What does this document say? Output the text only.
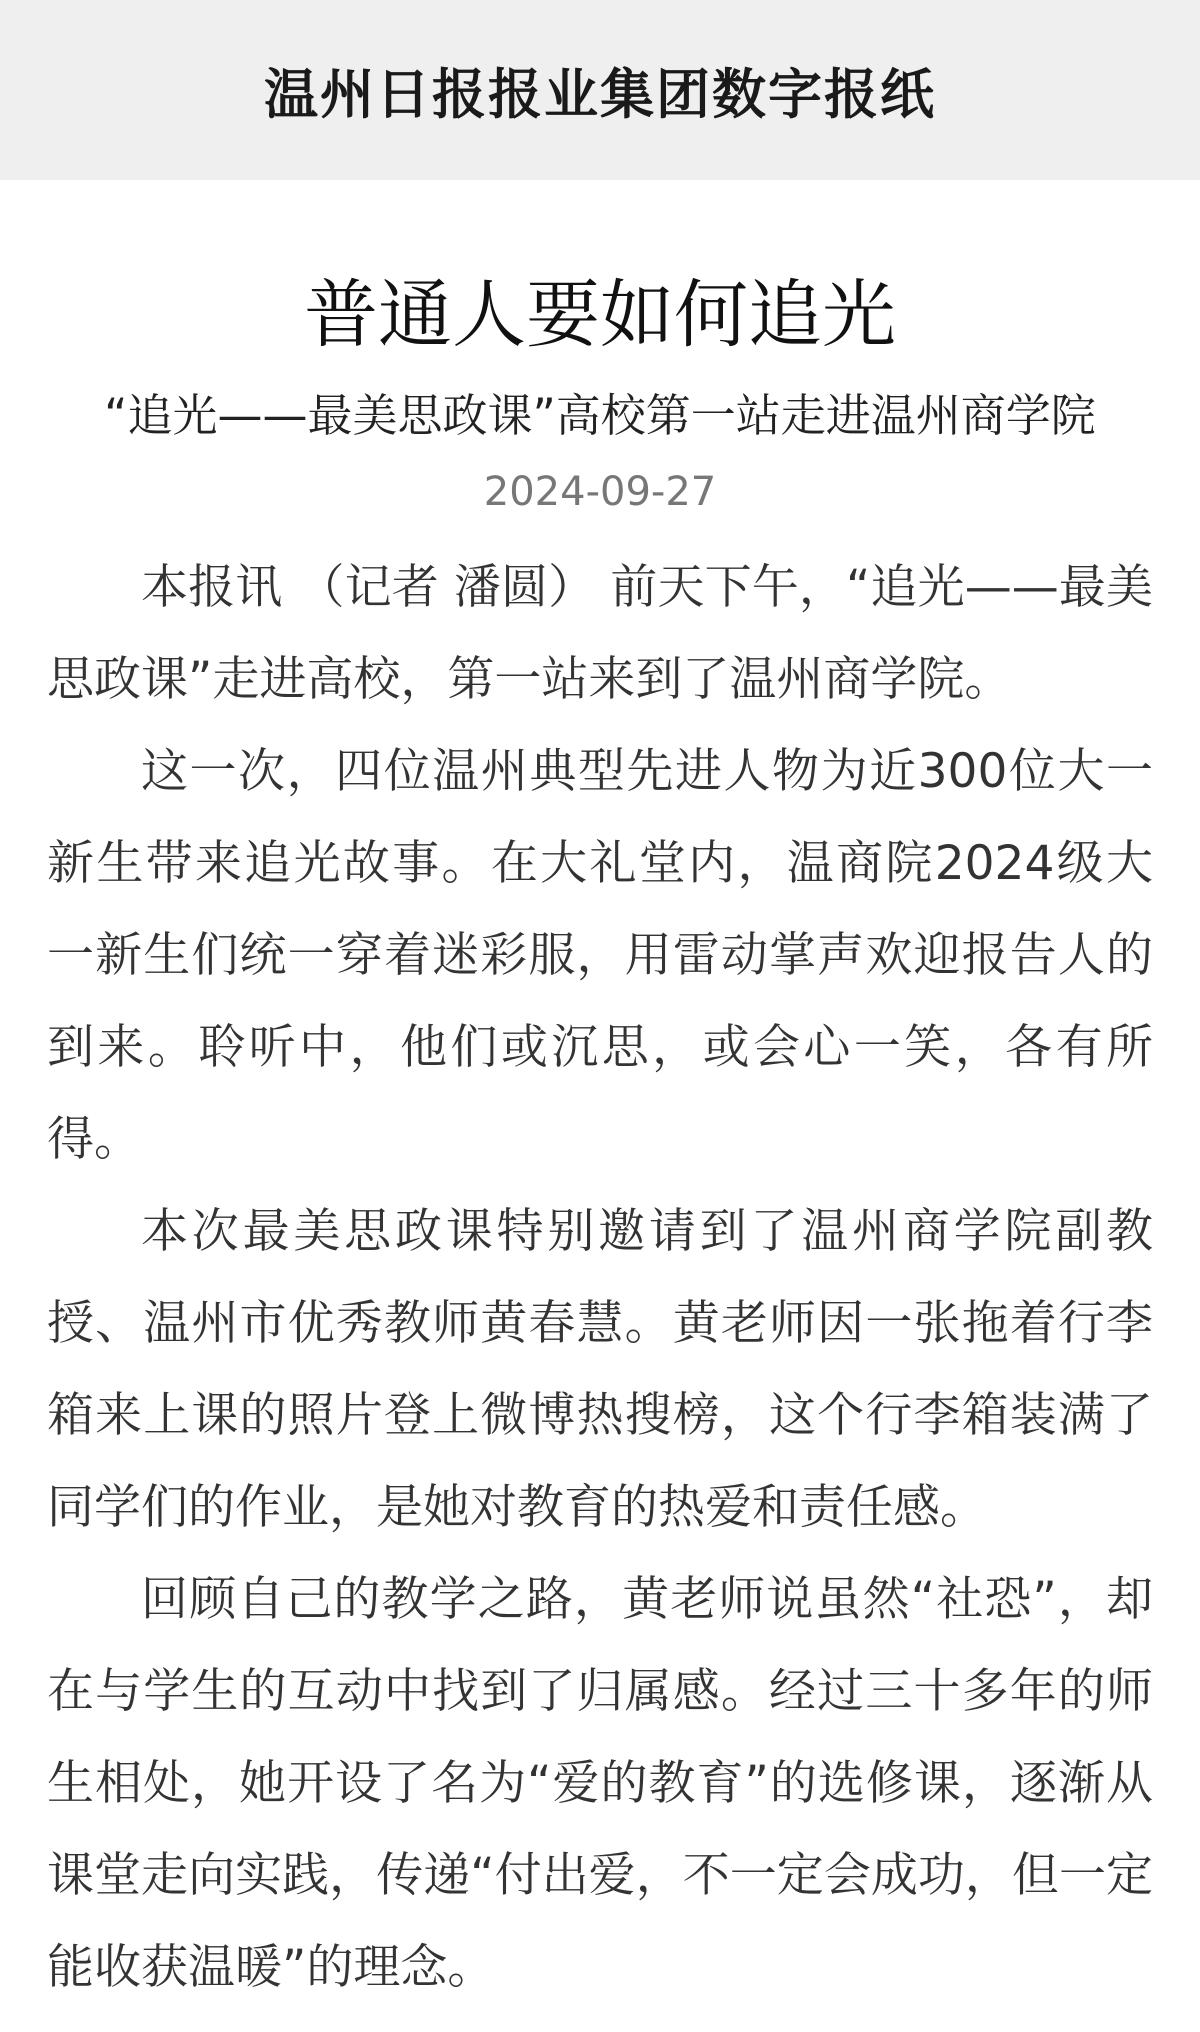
温州日报报业集团数字报纸
普通人要如何追光
“追光——最美思政课”高校第一站走进温州商学院
2024-09-27

本报讯 （记者 潘圆） 前天下午，“追光——最美思政课”走进高校，第一站来到了温州商学院。

这一次，四位温州典型先进人物为近300位大一新生带来追光故事。在大礼堂内，温商院2024级大一新生们统一穿着迷彩服，用雷动掌声欢迎报告人的到来。聆听中，他们或沉思，或会心一笑，各有所得。

本次最美思政课特别邀请到了温州商学院副教授、温州市优秀教师黄春慧。黄老师因一张拖着行李箱来上课的照片登上微博热搜榜，这个行李箱装满了同学们的作业，是她对教育的热爱和责任感。

回顾自己的教学之路，黄老师说虽然“社恐”，却在与学生的互动中找到了归属感。经过三十多年的师生相处，她开设了名为“爱的教育”的选修课，逐渐从课堂走向实践，传递“付出爱，不一定会成功，但一定能收获温暖”的理念。
